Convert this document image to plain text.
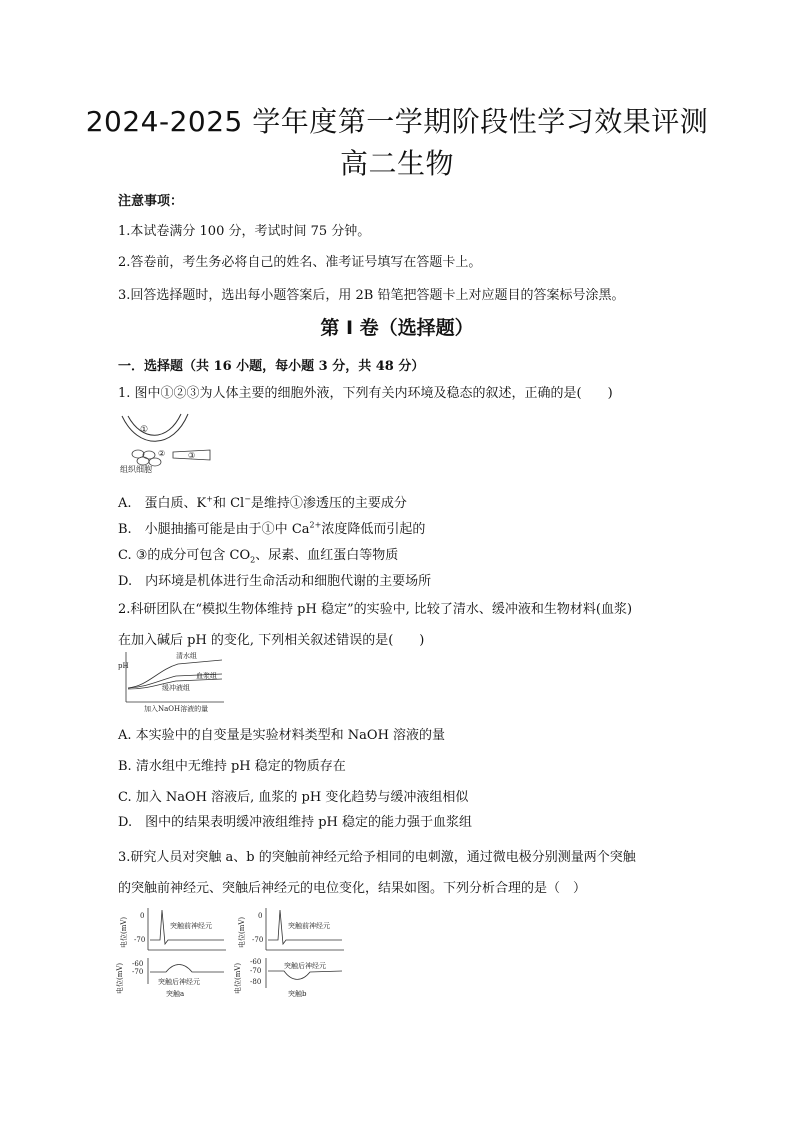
2024-2025 学年度第一学期阶段性学习效果评测
高二生物
注意事项：
1.本试卷满分 100 分，考试时间 75 分钟。
2.答卷前，考生务必将自己的姓名、准考证号填写在答题卡上。
3.回答选择题时，选出每小题答案后，用 2B 铅笔把答题卡上对应题目的答案标号涂黑。
第 I 卷（选择题）
一．选择题（共 16 小题，每小题 3 分，共 48 分）
1. 图中①②③为人体主要的细胞外液，下列有关内环境及稳态的叙述，正确的是(　　)
①
②	③
组织细胞
A.　蛋白质、K+和 Cl−是维持①渗透压的主要成分
B.　小腿抽搐可能是由于①中 $Ca^{2+}$浓度降低而引起的
C. ③的成分可包含 $CO_2$、尿素、血红蛋白等物质
D.　内环境是机体进行生命活动和细胞代谢的主要场所
2.科研团队在“模拟生物体维持 pH 稳定”的实验中, 比较了清水、缓冲液和生物材料(血浆)
在加入碱后 pH 的变化, 下列相关叙述错误的是(　　)
pH
清水组
血浆组
缓冲液组
加入NaOH溶液的量
A. 本实验中的自变量是实验材料类型和 NaOH 溶液的量
B. 清水组中无维持 pH 稳定的物质存在
C. 加入 NaOH 溶液后, 血浆的 pH 变化趋势与缓冲液组相似
D.　图中的结果表明缓冲液组维持 pH 稳定的能力强于血浆组
3.研究人员对突触 a、b 的突触前神经元给予相同的电刺激，通过微电极分别测量两个突触
的突触前神经元、突触后神经元的电位变化，结果如图。下列分析合理的是（　）
电位(mV)
0
-70
突触前神经元
电位(mV) -60
-70
突触后神经元
突触a
电位(mV)
0
-70
突触前神经元
电位(mV)
-60
-70
-80
突触后神经元
突触b
